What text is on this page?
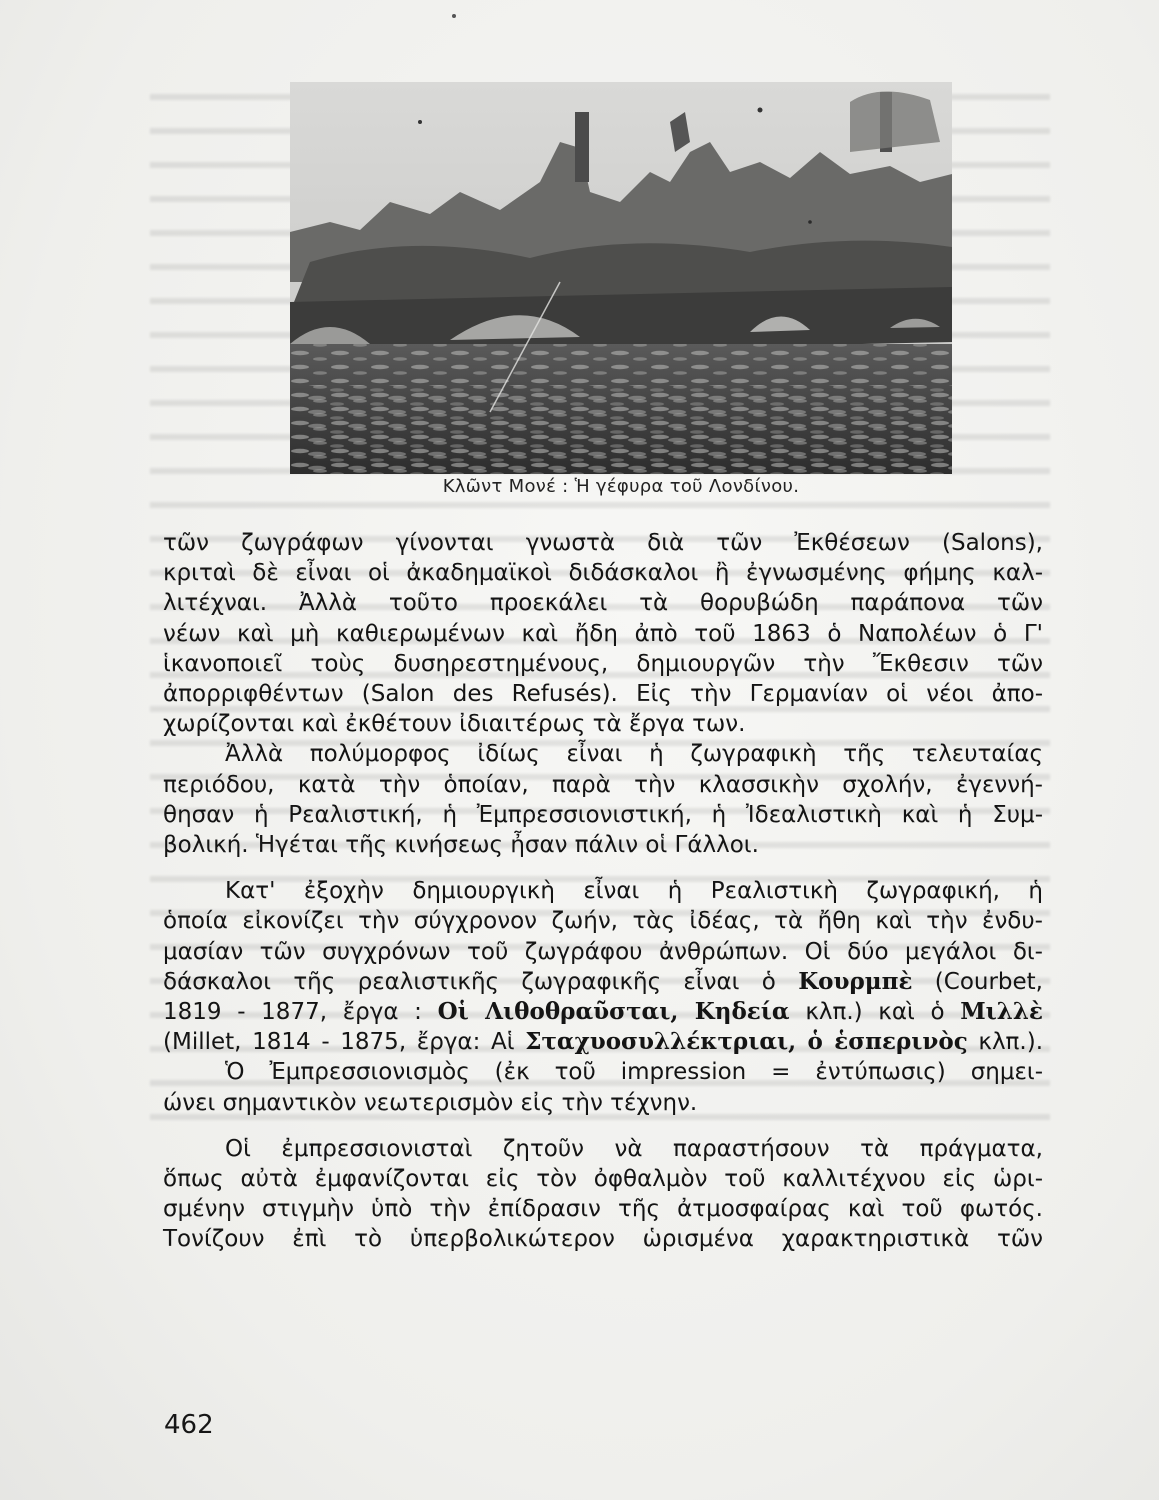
Κλῶντ Μονέ : Ἡ γέφυρα τοῦ Λονδίνου.
τῶν ζωγράφων γίνονται γνωστὰ διὰ τῶν Ἐκθέσεων (Salons),
κριταὶ δὲ εἶναι οἱ ἀκαδημαϊκοὶ διδάσκαλοι ἢ ἐγνωσμένης φήμης καλ-
λιτέχναι. Ἀλλὰ τοῦτο προεκάλει τὰ θορυβώδη παράπονα τῶν
νέων καὶ μὴ καθιερωμένων καὶ ἤδη ἀπὸ τοῦ 1863 ὁ Ναπολέων ὁ Γ'
ἱκανοποιεῖ τοὺς δυσηρεστημένους, δημιουργῶν τὴν Ἔκθεσιν τῶν
ἀπορριφθέντων (Salon des Refusés). Εἰς τὴν Γερμανίαν οἱ νέοι ἀπο-
χωρίζονται καὶ ἐκθέτουν ἰδιαιτέρως τὰ ἔργα των.
Ἀλλὰ πολύμορφος ἰδίως εἶναι ἡ ζωγραφικὴ τῆς τελευταίας
περιόδου, κατὰ τὴν ὁποίαν, παρὰ τὴν κλασσικὴν σχολήν, ἐγεννή-
θησαν ἡ Ρεαλιστική, ἡ Ἐμπρεσσιονιστική, ἡ Ἰδεαλιστικὴ καὶ ἡ Συμ-
βολική. Ἡγέται τῆς κινήσεως ἦσαν πάλιν οἱ Γάλλοι.
Κατ' ἐξοχὴν δημιουργικὴ εἶναι ἡ Ρεαλιστικὴ ζωγραφική, ἡ
ὁποία εἰκονίζει τὴν σύγχρονον ζωήν, τὰς ἰδέας, τὰ ἤθη καὶ τὴν ἐνδυ-
μασίαν τῶν συγχρόνων τοῦ ζωγράφου ἀνθρώπων. Οἱ δύο μεγάλοι δι-
δάσκαλοι τῆς ρεαλιστικῆς ζωγραφικῆς εἶναι ὁ Κουρμπὲ (Courbet,
1819 - 1877, ἔργα : Οἱ Λιθοθραῦσται, Κηδεία κλπ.) καὶ ὁ Μιλλὲ
(Millet, 1814 - 1875, ἔργα: Αἱ Σταχυοσυλλέκτριαι, ὁ ἑσπερινὸς κλπ.).
Ὁ Ἐμπρεσσιονισμὸς (ἐκ τοῦ impression = ἐντύπωσις) σημει-
ώνει σημαντικὸν νεωτερισμὸν εἰς τὴν τέχνην.
Οἱ ἐμπρεσσιονισταὶ ζητοῦν νὰ παραστήσουν τὰ πράγματα,
ὅπως αὐτὰ ἐμφανίζονται εἰς τὸν ὀφθαλμὸν τοῦ καλλιτέχνου εἰς ὡρι-
σμένην στιγμὴν ὑπὸ τὴν ἐπίδρασιν τῆς ἀτμοσφαίρας καὶ τοῦ φωτός.
Τονίζουν ἐπὶ τὸ ὑπερβολικώτερον ὡρισμένα χαρακτηριστικὰ τῶν
462
